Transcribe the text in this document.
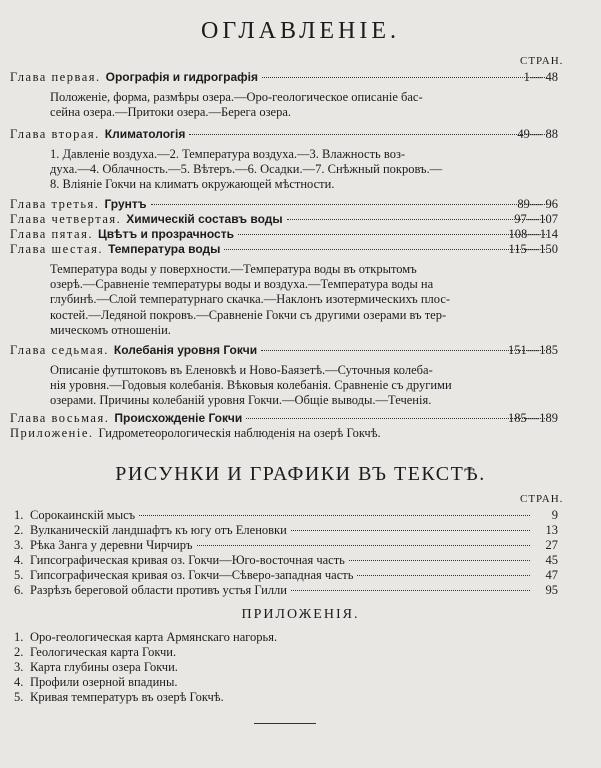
ОГЛАВЛЕНIЕ.
СТРАН.
Глава первая. Орографія и гидрографія	1— 48
Положеніе, форма, размѣры озера.—Оро-геологическое описаніе бас-
сейна озера.—Притоки озера.—Берега озера.
Глава вторая. Климатологія	49— 88
1. Давленіе воздуха.—2. Температура воздуха.—3. Влажность воз-
духа.—4. Облачность.—5. Вѣтеръ.—6. Осадки.—7. Снѣжный покровъ.—
8. Вліяніе Гокчи на климатъ окружающей мѣстности.
Глава третья. Грунтъ	89— 96
Глава четвертая. Химическій составъ воды	97—107
Глава пятая. Цвѣтъ и прозрачность	108—114
Глава шестая. Температура воды	115—150
Температура воды у поверхности.—Температура воды въ открытомъ
озерѣ.—Сравненіе температуры воды и воздуха.—Температура воды на
глубинѣ.—Слой температурнаго скачка.—Наклонъ изотермическихъ плос-
костей.—Ледяной покровъ.—Сравненіе Гокчи съ другими озерами въ тер-
мическомъ отношеніи.
Глава седьмая. Колебанія уровня Гокчи	151—185
Описаніе футштоковъ въ Еленовкѣ и Ново-Баязетѣ.—Суточныя колеба-
нія уровня.—Годовыя колебанія. Вѣковыя колебанія. Сравненіе съ другими
озерами. Причины колебаній уровня Гокчи.—Общіе выводы.—Теченія.
Глава восьмая. Происхожденіе Гокчи	185—189
Приложеніе. Гидрометеорологическія наблюденія на озерѣ Гокчѣ.
РИСУНКИ И ГРАФИКИ ВЪ ТЕКСТѢ.
СТРАН.
1. Сорокаинскій мысъ	9
2. Вулканическій ландшафтъ къ югу отъ Еленовки	13
3. Рѣка Занга у деревни Чирчиръ	27
4. Гипсографическая кривая оз. Гокчи—Юго-восточная часть	45
5. Гипсографическая кривая оз. Гокчи—Сѣверо-западная часть	47
6. Разрѣзъ береговой области противъ устья Гилли	95
ПРИЛОЖЕНIЯ.
1. Оро-геологическая карта Армянскаго нагорья.
2. Геологическая карта Гокчи.
3. Карта глубины озера Гокчи.
4. Профили озерной впадины.
5. Кривая температуръ въ озерѣ Гокчѣ.
